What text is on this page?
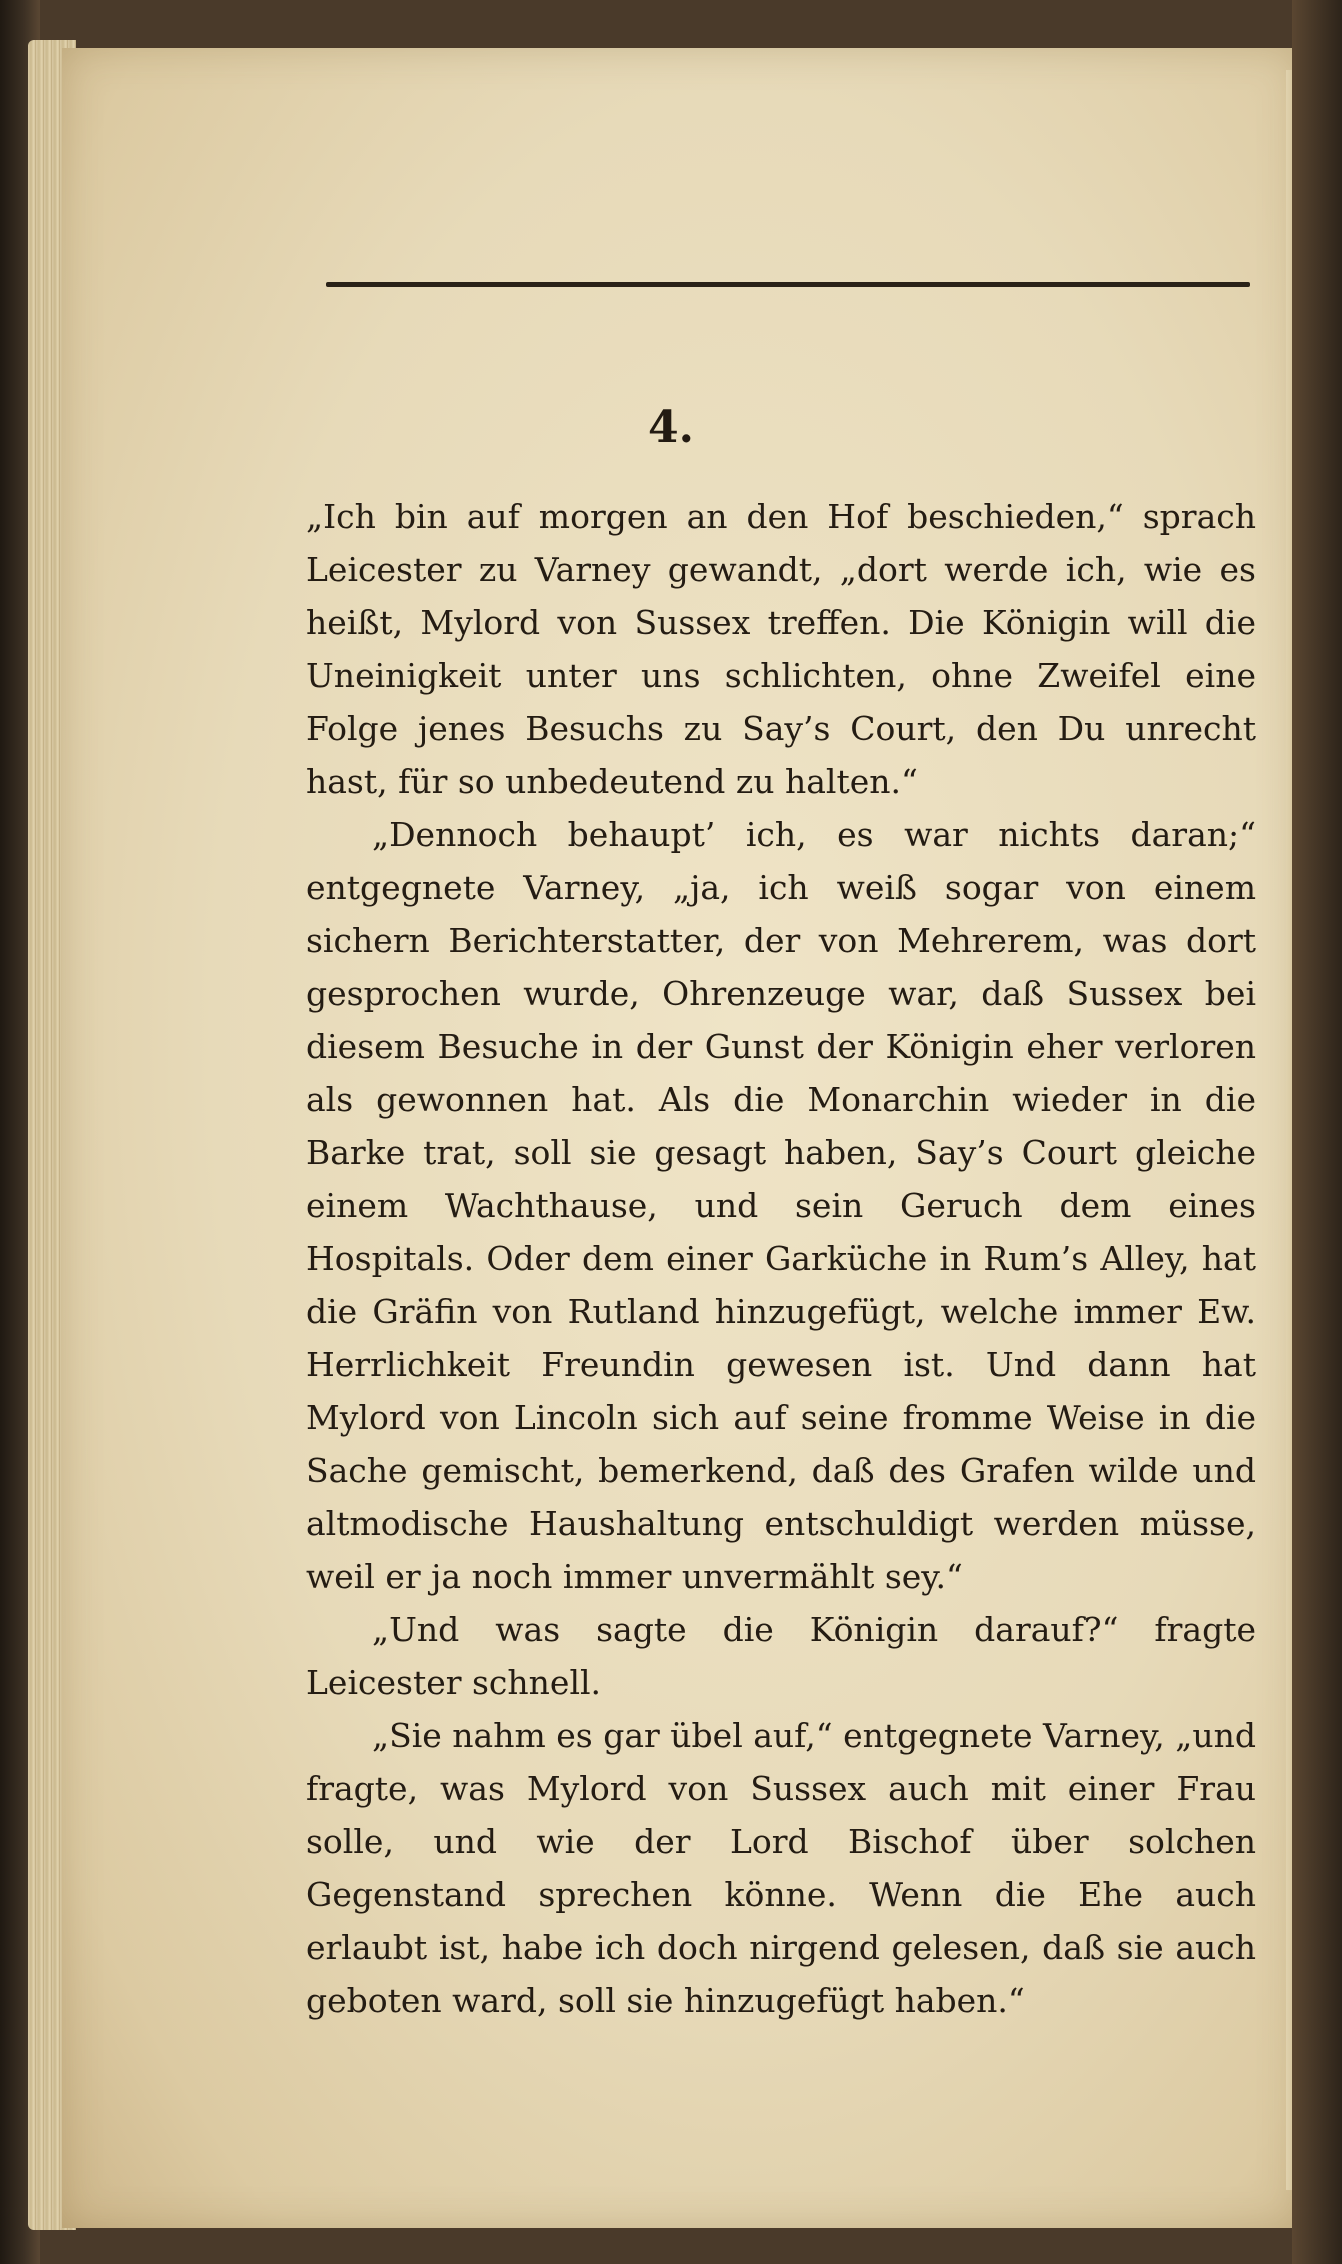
4.

„Ich bin auf morgen an den Hof beschieden,“ sprach Leicester zu Varney gewandt, „dort werde ich, wie es heißt, Mylord von Sussex treffen. Die Königin will die Uneinigkeit unter uns schlichten, ohne Zweifel eine Folge jenes Besuchs zu Say’s Court, den Du unrecht hast, für so unbedeutend zu halten.“

„Dennoch behaupt’ ich, es war nichts daran;“ entgegnete Varney, „ja, ich weiß sogar von einem sichern Berichterstatter, der von Mehrerem, was dort gesprochen wurde, Ohrenzeuge war, daß Sussex bei diesem Besuche in der Gunst der Königin eher verloren als gewonnen hat. Als die Monarchin wieder in die Barke trat, soll sie gesagt haben, Say’s Court gleiche einem Wachthause, und sein Geruch dem eines Hospitals. Oder dem einer Garküche in Rum’s Alley, hat die Gräfin von Rutland hinzugefügt, welche immer Ew. Herrlichkeit Freundin gewesen ist. Und dann hat Mylord von Lincoln sich auf seine fromme Weise in die Sache gemischt, bemerkend, daß des Grafen wilde und altmodische Haushaltung entschuldigt werden müsse, weil er ja noch immer unvermählt sey.“

„Und was sagte die Königin darauf?“ fragte Leicester schnell.

„Sie nahm es gar übel auf,“ entgegnete Varney, „und fragte, was Mylord von Sussex auch mit einer Frau solle, und wie der Lord Bischof über solchen Gegenstand sprechen könne. Wenn die Ehe auch erlaubt ist, habe ich doch nirgend gelesen, daß sie auch geboten ward, soll sie hinzugefügt haben.“
